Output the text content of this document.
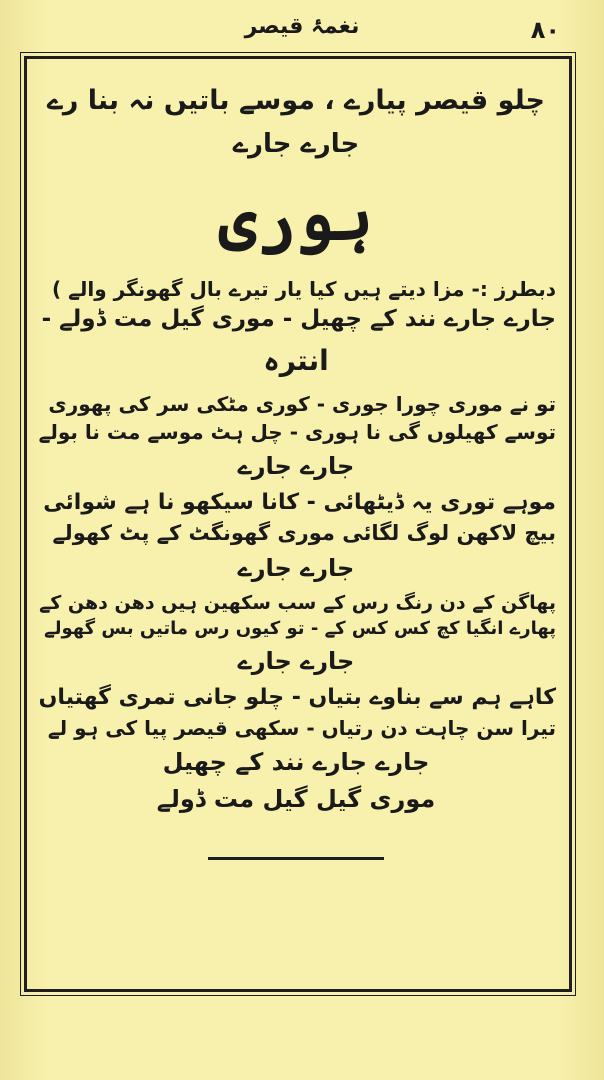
نغمۂ قیصر	۸۰

چلو قیصر پیارے ، موسے باتیں نہ بنا رے

جارے جارے

ہوری

دبطرز :- مزا دیتے ہیں کیا یار تیرے بال گھونگر والے )

جارے جارے نند کے چھیل - موری گیل مت ڈولے -

انترہ

تو نے موری چورا جوری - کوری مٹکی سر کی پھوری

توسے کھیلوں گی نا ہوری - چل ہٹ موسے مت نا بولے

جارے جارے

موہے توری یہ ڈیٹھائی - کانا سیکھو نا ہے شوائی

بیچ لاکھن لوگ لگائی موری گھونگٹ کے پٹ کھولے

جارے جارے

پھاگن کے دن رنگ رس کے سب سکھین ہیں دھن دھن کے

پھارے انگیا کچ کس کس کے - تو کیوں رس ماتیں بس گھولے

جارے جارے

کاہے ہم سے بناوے بتیاں - چلو جانی تمری گھتیاں

تیرا سن چاہت دن رتیاں - سکھی قیصر پیا کی ہو لے

جارے جارے نند کے چھیل

موری گیل گیل مت ڈولے
